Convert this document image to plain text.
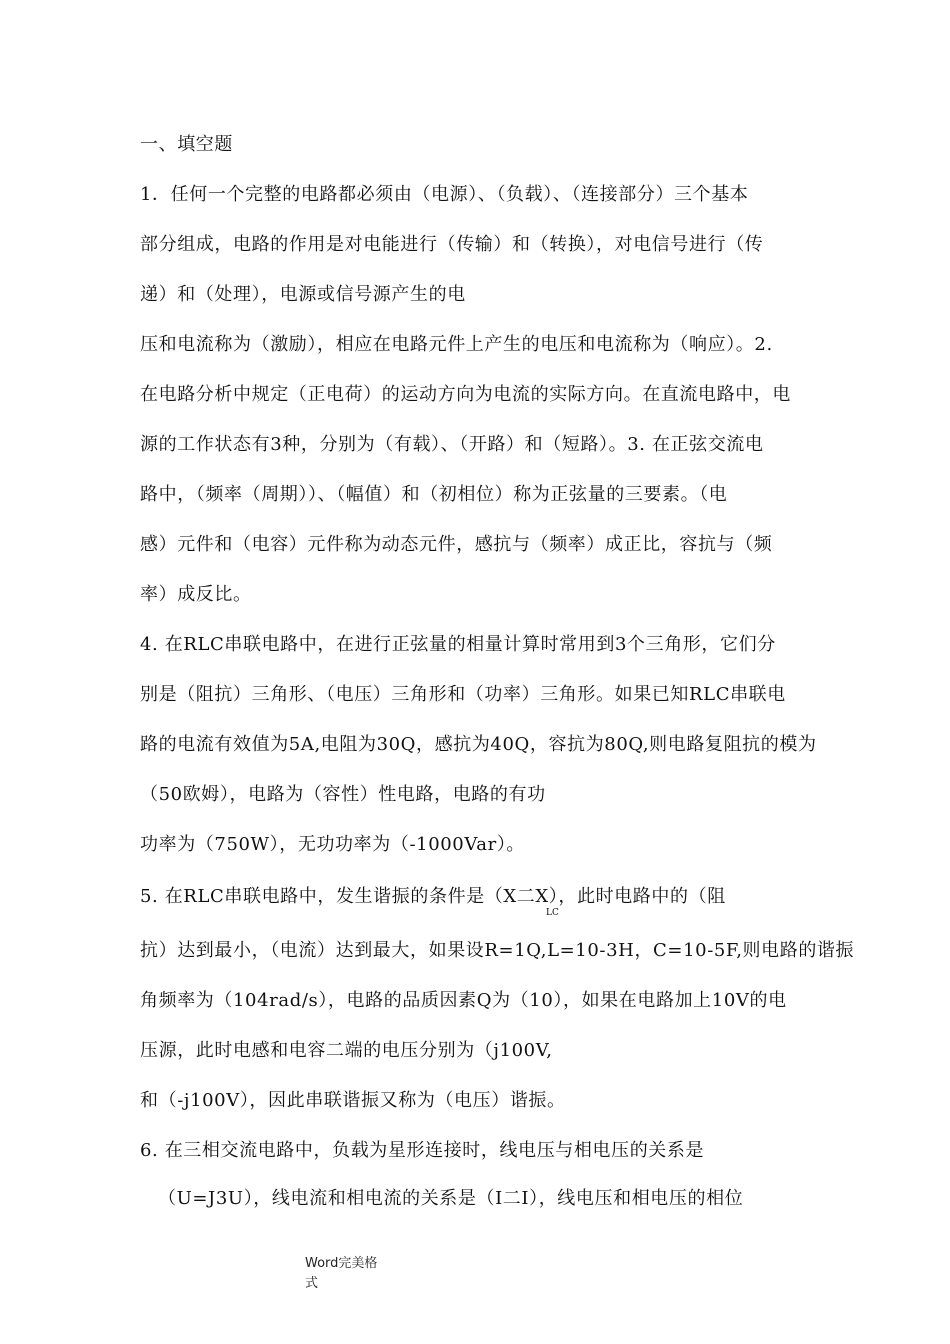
一、填空题
1．任何一个完整的电路都必须由（电源）、（负载）、（连接部分）三个基本
部分组成，电路的作用是对电能进行（传输）和（转换），对电信号进行（传
递）和（处理），电源或信号源产生的电
压和电流称为（激励），相应在电路元件上产生的电压和电流称为（响应）。2.
在电路分析中规定（正电荷）的运动方向为电流的实际方向。在直流电路中，电
源的工作状态有3种，分别为（有载）、（开路）和（短路）。3. 在正弦交流电
路中，（频率（周期））、（幅值）和（初相位）称为正弦量的三要素。（电
感）元件和（电容）元件称为动态元件，感抗与（频率）成正比，容抗与（频
率）成反比。
4. 在RLC串联电路中，在进行正弦量的相量计算时常用到3个三角形，它们分
别是（阻抗）三角形、（电压）三角形和（功率）三角形。如果已知RLC串联电
路的电流有效值为5A,电阻为30Q，感抗为40Q，容抗为80Q,则电路复阻抗的模为
（50欧姆），电路为（容性）性电路，电路的有功
功率为（750W），无功功率为（-1000Var）。
5. 在RLC串联电路中，发生谐振的条件是（X二X），此时电路中的（阻
LC
抗）达到最小，（电流）达到最大，如果设R=1Q,L=10-3H，C=10-5F,则电路的谐振
角频率为（104rad/s），电路的品质因素Q为（10），如果在电路加上10V的电
压源，此时电感和电容二端的电压分别为（j100V,
和（-j100V），因此串联谐振又称为（电压）谐振。
6. 在三相交流电路中，负载为星形连接时，线电压与相电压的关系是
（U=J3U），线电流和相电流的关系是（I二I），线电压和相电压的相位
Word完美格
式
